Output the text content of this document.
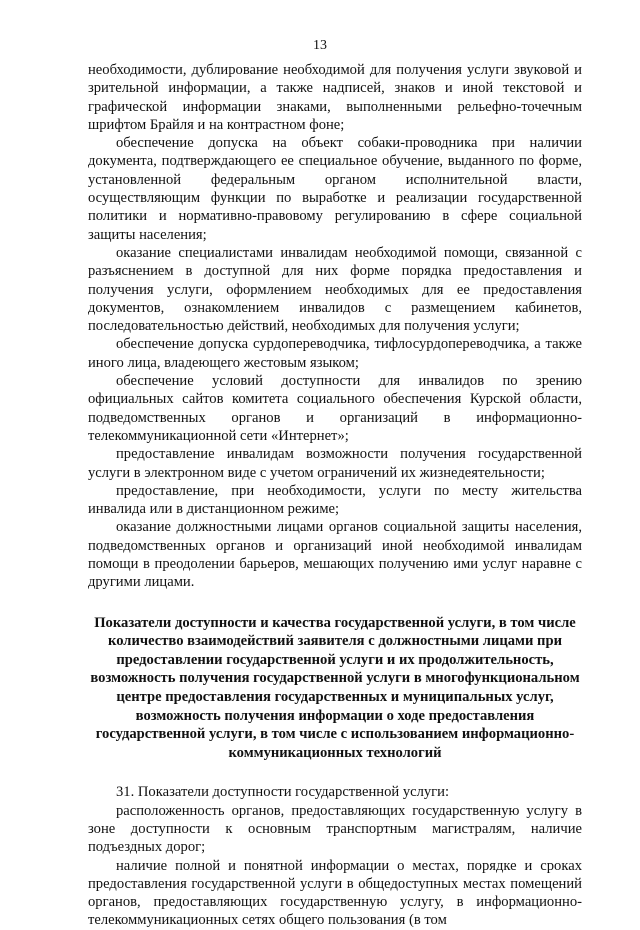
13

необходимости, дублирование необходимой для получения услуги звуковой и зрительной информации, а также надписей, знаков и иной текстовой и графической информации знаками, выполненными рельефно-точечным шрифтом Брайля и на контрастном фоне;

обеспечение допуска на объект собаки-проводника при наличии документа, подтверждающего ее специальное обучение, выданного по форме, установленной федеральным органом исполнительной власти, осуществляющим функции по выработке и реализации государственной политики и нормативно-правовому регулированию в сфере социальной защиты населения;

оказание специалистами инвалидам необходимой помощи, связанной с разъяснением в доступной для них форме порядка предоставления и получения услуги, оформлением необходимых для ее предоставления документов, ознакомлением инвалидов с размещением кабинетов, последовательностью действий, необходимых для получения услуги;

обеспечение допуска сурдопереводчика, тифлосурдопереводчика, а также иного лица, владеющего жестовым языком;

обеспечение условий доступности для инвалидов по зрению официальных сайтов комитета социального обеспечения Курской области, подведомственных органов и организаций в информационно-телекоммуникационной сети «Интернет»;

предоставление инвалидам возможности получения государственной услуги в электронном виде с учетом ограничений их жизнедеятельности;

предоставление, при необходимости, услуги по месту жительства инвалида или в дистанционном режиме;

оказание должностными лицами органов социальной защиты населения, подведомственных органов и организаций иной необходимой инвалидам помощи в преодолении барьеров, мешающих получению ими услуг наравне с другими лицами.

Показатели доступности и качества государственной услуги, в том числе количество взаимодействий заявителя с должностными лицами при предоставлении государственной услуги и их продолжительность, возможность получения государственной услуги в многофункциональном центре предоставления государственных и муниципальных услуг, возможность получения информации о ходе предоставления государственной услуги, в том числе с использованием информационно-коммуникационных технологий

31. Показатели доступности государственной услуги:

расположенность органов, предоставляющих государственную услугу в зоне доступности к основным транспортным магистралям, наличие подъездных дорог;

наличие полной и понятной информации о местах, порядке и сроках предоставления государственной услуги в общедоступных местах помещений органов, предоставляющих государственную услугу, в информационно-телекоммуникационных сетях общего пользования (в том
